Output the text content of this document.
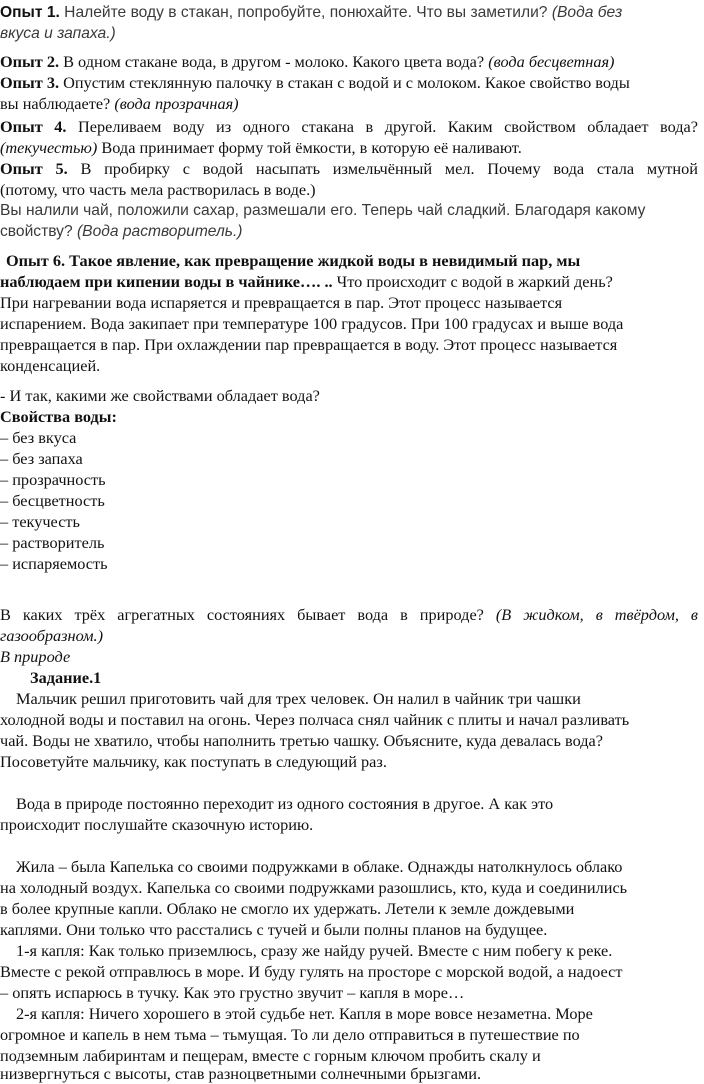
Опыт 1. Налейте воду в стакан, попробуйте, понюхайте. Что вы заметили? (Вода без
вкуса и запаха.)
Опыт 2. В одном стакане вода, в другом - молоко. Какого цвета вода? (вода бесцветная)
Опыт 3. Опустим стеклянную палочку в стакан с водой и с молоком. Какое свойство воды
вы наблюдаете? (вода прозрачная)
Опыт 4. Переливаем воду из одного стакана в другой. Каким свойством обладает вода?
(текучестью) Вода принимает форму той ёмкости, в которую её наливают.
Опыт 5. В пробирку с водой насыпать измельчённый мел. Почему вода стала мутной
(потому, что часть мела растворилась в воде.)
Вы налили чай, положили сахар, размешали его. Теперь чай сладкий. Благодаря какому
свойству? (Вода растворитель.)
Опыт 6. Такое явление, как превращение жидкой воды в невидимый пар, мы
наблюдаем при кипении воды в чайнике…. .. Что происходит с водой в жаркий день?
При нагревании вода испаряется и превращается в пар. Этот процесс называется
испарением. Вода закипает при температуре 100 градусов. При 100 градусах и выше вода
превращается в пар. При охлаждении пар превращается в воду. Этот процесс называется
конденсацией.
- И так, какими же свойствами обладает вода?
Свойства воды:
– без вкуса
– без запаха
– прозрачность
– бесцветность
– текучесть
– растворитель
– испаряемость
В каких трёх агрегатных состояниях бывает вода в природе? (В жидком, в твёрдом, в
газообразном.)
В природе
Задание.1
Мальчик решил приготовить чай для трех человек. Он налил в чайник три чашки
холодной воды и поставил на огонь. Через полчаса снял чайник с плиты и начал разливать
чай. Воды не хватило, чтобы наполнить третью чашку. Объясните, куда девалась вода?
Посоветуйте мальчику, как поступать в следующий раз.
Вода в природе постоянно переходит из одного состояния в другое. А как это
происходит послушайте сказочную историю.
Жила – была Капелька со своими подружками в облаке. Однажды натолкнулось облако
на холодный воздух. Капелька со своими подружками разошлись, кто, куда и соединились
в более крупные капли. Облако не смогло их удержать. Летели к земле дождевыми
каплями. Они только что расстались с тучей и были полны планов на будущее.
1-я капля: Как только приземлюсь, сразу же найду ручей. Вместе с ним побегу к реке.
Вместе с рекой отправлюсь в море. И буду гулять на просторе с морской водой, а надоест
– опять испарюсь в тучку. Как это грустно звучит – капля в море…
2-я капля: Ничего хорошего в этой судьбе нет. Капля в море вовсе незаметна. Море
огромное и капель в нем тьма – тьмущая. То ли дело отправиться в путешествие по
подземным лабиринтам и пещерам, вместе с горным ключом пробить скалу и
низвергнуться с высоты, став разноцветными солнечными брызгами.
